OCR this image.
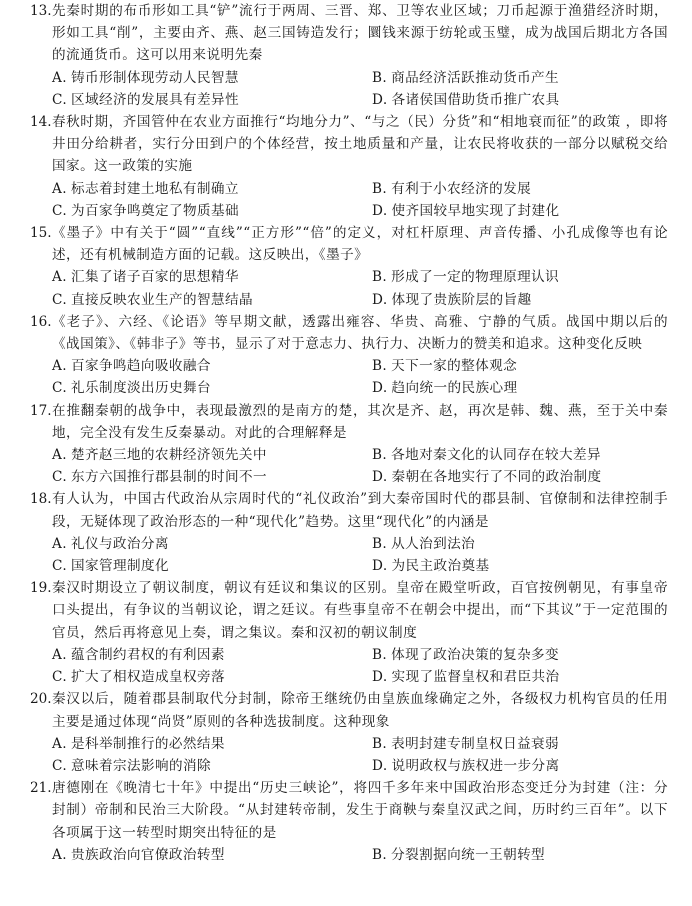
13. 先秦时期的布币形如工具“铲”流行于两周、三晋、郑、卫等农业区域；刀币起源于渔猎经济时期，形如工具“削”，主要由齐、燕、赵三国铸造发行；圜钱来源于纺轮或玉璧，成为战国后期北方各国的流通货币。这可以用来说明先秦
A. 铸币形制体现劳动人民智慧	B. 商品经济活跃推动货币产生
C. 区域经济的发展具有差异性	D. 各诸侯国借助货币推广农具
14. 春秋时期，齐国管仲在农业方面推行“均地分力”、“与之（民）分货”和“相地衰而征”的政策 ，即将井田分给耕者，实行分田到户的个体经营，按土地质量和产量，让农民将收获的一部分以赋税交给国家。这一政策的实施
A. 标志着封建土地私有制确立	B. 有利于小农经济的发展
C. 为百家争鸣奠定了物质基础	D. 使齐国较早地实现了封建化
15. 《墨子》中有关于“圆”“直线”“正方形”“倍”的定义，对杠杆原理、声音传播、小孔成像等也有论述，还有机械制造方面的记载。这反映出，《墨子》
A. 汇集了诸子百家的思想精华	B. 形成了一定的物理原理认识
C. 直接反映农业生产的智慧结晶	D. 体现了贵族阶层的旨趣
16. 《老子》、六经、《论语》等早期文献，透露出雍容、华贵、高雅、宁静的气质。战国中期以后的《战国策》、《韩非子》等书，显示了对于意志力、执行力、决断力的赞美和追求。这种变化反映
A. 百家争鸣趋向吸收融合	B. 天下一家的整体观念
C. 礼乐制度淡出历史舞台	D. 趋向统一的民族心理
17. 在推翻秦朝的战争中，表现最激烈的是南方的楚，其次是齐、赵，再次是韩、魏、燕，至于关中秦地，完全没有发生反秦暴动。对此的合理解释是
A. 楚齐赵三地的农耕经济领先关中	B. 各地对秦文化的认同存在较大差异
C. 东方六国推行郡县制的时间不一	D. 秦朝在各地实行了不同的政治制度
18. 有人认为，中国古代政治从宗周时代的“礼仪政治”到大秦帝国时代的郡县制、官僚制和法律控制手段，无疑体现了政治形态的一种“现代化”趋势。这里“现代化”的内涵是
A. 礼仪与政治分离	B. 从人治到法治
C. 国家管理制度化	D. 为民主政治奠基
19. 秦汉时期设立了朝议制度，朝议有廷议和集议的区别。皇帝在殿堂听政，百官按例朝见，有事皇帝口头提出，有争议的当朝议论，谓之廷议。有些事皇帝不在朝会中提出，而“下其议”于一定范围的官员，然后再将意见上奏，谓之集议。秦和汉初的朝议制度
A. 蕴含制约君权的有利因素	B. 体现了政治决策的复杂多变
C. 扩大了相权造成皇权旁落	D. 实现了监督皇权和君臣共治
20. 秦汉以后，随着郡县制取代分封制，除帝王继统仍由皇族血缘确定之外，各级权力机构官员的任用主要是通过体现“尚贤”原则的各种选拔制度。这种现象
A. 是科举制推行的必然结果	B. 表明封建专制皇权日益衰弱
C. 意味着宗法影响的消除	D. 说明政权与族权进一步分离
21. 唐德刚在《晚清七十年》中提出“历史三峡论”，将四千多年来中国政治形态变迁分为封建（注：分封制）帝制和民治三大阶段。“从封建转帝制，发生于商鞅与秦皇汉武之间，历时约三百年”。以下各项属于这一转型时期突出特征的是
A. 贵族政治向官僚政治转型	B. 分裂割据向统一王朝转型
